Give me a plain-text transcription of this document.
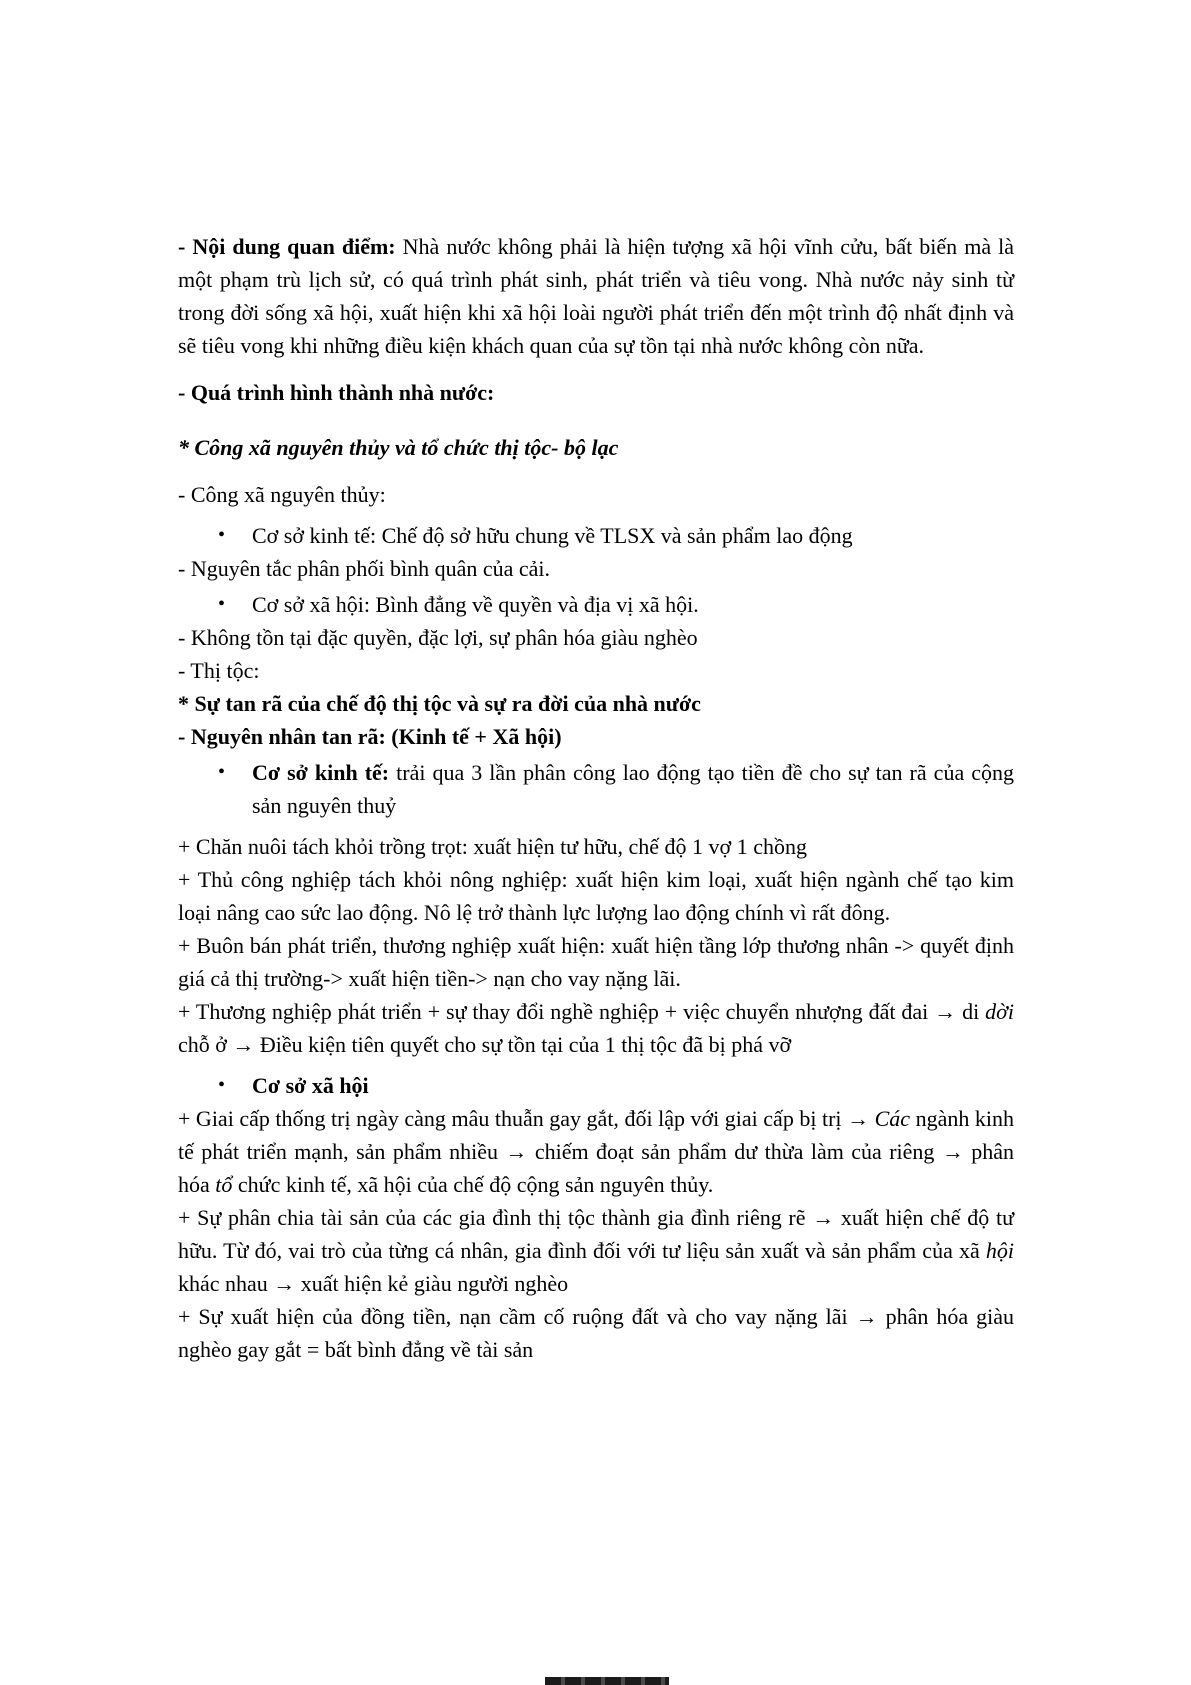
- Nội dung quan điểm: Nhà nước không phải là hiện tượng xã hội vĩnh cửu, bất biến mà là một phạm trù lịch sử, có quá trình phát sinh, phát triển và tiêu vong. Nhà nước nảy sinh từ trong đời sống xã hội, xuất hiện khi xã hội loài người phát triển đến một trình độ nhất định và sẽ tiêu vong khi những điều kiện khách quan của sự tồn tại nhà nước không còn nữa.

- Quá trình hình thành nhà nước:

* Công xã nguyên thủy và tổ chức thị tộc- bộ lạc

- Công xã nguyên thủy:

•	Cơ sở kinh tế: Chế độ sở hữu chung về TLSX và sản phẩm lao động

- Nguyên tắc phân phối bình quân của cải.

•	Cơ sở xã hội: Bình đẳng về quyền và địa vị xã hội.

- Không tồn tại đặc quyền, đặc lợi, sự phân hóa giàu nghèo

- Thị tộc:

* Sự tan rã của chế độ thị tộc và sự ra đời của nhà nước

- Nguyên nhân tan rã: (Kinh tế + Xã hội)

•	Cơ sở kinh tế: trải qua 3 lần phân công lao động tạo tiền đề cho sự tan rã của cộng sản nguyên thuỷ

+ Chăn nuôi tách khỏi trồng trọt: xuất hiện tư hữu, chế độ 1 vợ 1 chồng

+ Thủ công nghiệp tách khỏi nông nghiệp: xuất hiện kim loại, xuất hiện ngành chế tạo kim loại nâng cao sức lao động. Nô lệ trở thành lực lượng lao động chính vì rất đông.

+ Buôn bán phát triển, thương nghiệp xuất hiện: xuất hiện tầng lớp thương nhân -> quyết định giá cả thị trường-> xuất hiện tiền-> nạn cho vay nặng lãi.

+ Thương nghiệp phát triển + sự thay đổi nghề nghiệp + việc chuyển nhượng đất đai → di dời chỗ ở → Điều kiện tiên quyết cho sự tồn tại của 1 thị tộc đã bị phá vỡ

•	Cơ sở xã hội

+ Giai cấp thống trị ngày càng mâu thuẫn gay gắt, đối lập với giai cấp bị trị → Các ngành kinh tế phát triển mạnh, sản phẩm nhiều → chiếm đoạt sản phẩm dư thừa làm của riêng → phân hóa tổ chức kinh tế, xã hội của chế độ cộng sản nguyên thủy.

+ Sự phân chia tài sản của các gia đình thị tộc thành gia đình riêng rẽ → xuất hiện chế độ tư hữu. Từ đó, vai trò của từng cá nhân, gia đình đối với tư liệu sản xuất và sản phẩm của xã hội khác nhau → xuất hiện kẻ giàu người nghèo

+ Sự xuất hiện của đồng tiền, nạn cầm cố ruộng đất và cho vay nặng lãi → phân hóa giàu nghèo gay gắt = bất bình đẳng về tài sản
